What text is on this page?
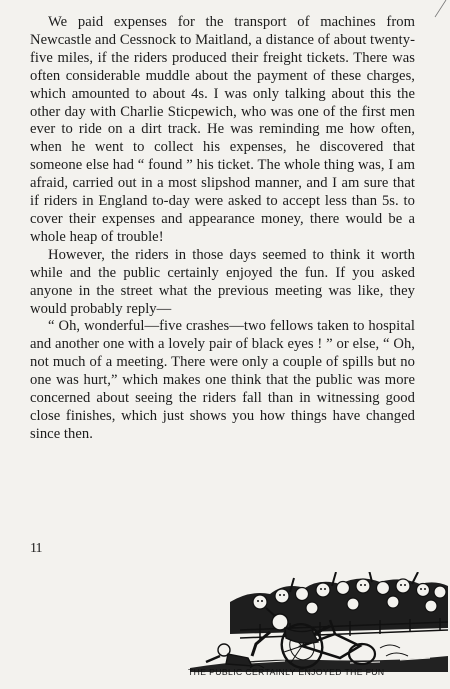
We paid expenses for the transport of machines from Newcastle and Cessnock to Maitland, a distance of about twenty-five miles, if the riders produced their freight tickets. There was often considerable muddle about the payment of these charges, which amounted to about 4s. I was only talking about this the other day with Charlie Sticpewich, who was one of the first men ever to ride on a dirt track. He was reminding me how often, when he went to collect his expenses, he discovered that someone else had “ found ” his ticket. The whole thing was, I am afraid, carried out in a most slipshod manner, and I am sure that if riders in England to-day were asked to accept less than 5s. to cover their expenses and appearance money, there would be a whole heap of trouble!

However, the riders in those days seemed to think it worth while and the public certainly enjoyed the fun. If you asked anyone in the street what the previous meeting was like, they would probably reply—

“ Oh, wonderful—five crashes—two fellows taken to hospital and another one with a lovely pair of black eyes ! ” or else, “ Oh, not much of a meeting. There were only a couple of spills but no one was hurt,” which makes one think that the public was more concerned about seeing the riders fall than in witnessing good close finishes, which just shows you how things have changed since then.

11
THE PUBLIC CERTAINLY ENJOYED THE FUN
